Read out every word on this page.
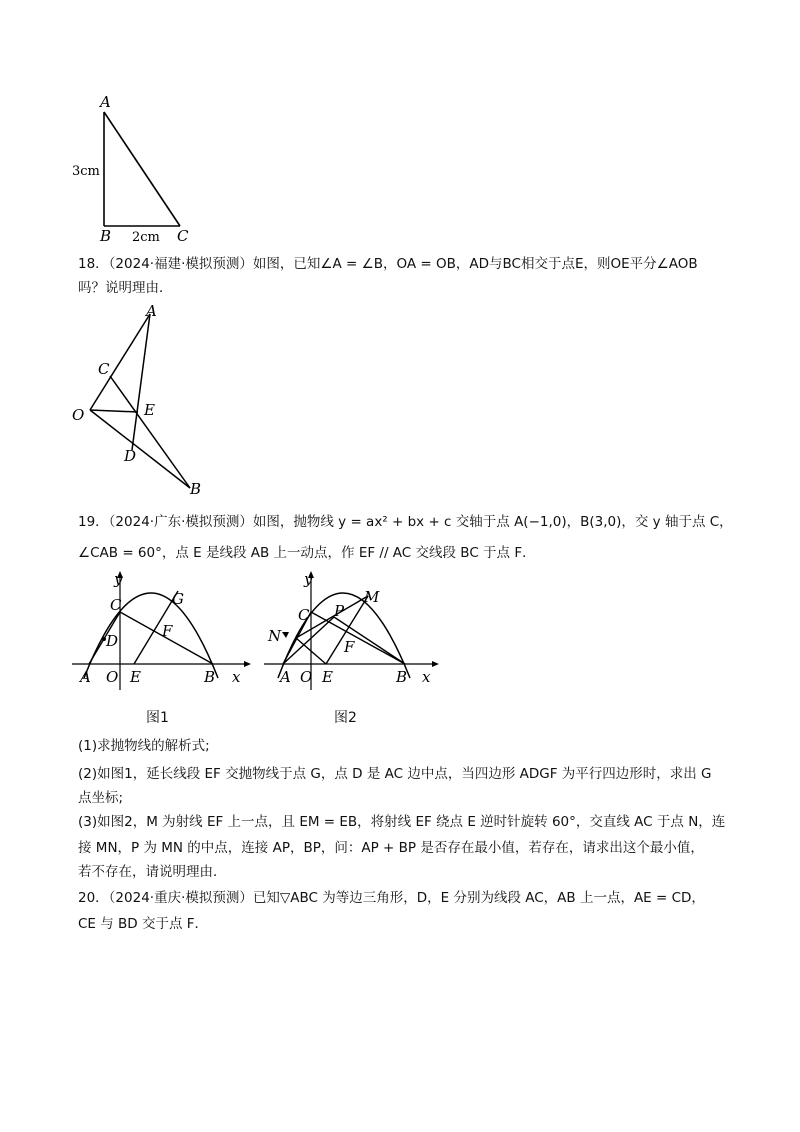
A
B	C
3cm
2cm
18．（2024·福建·模拟预测）如图，已知∠A = ∠B，OA = OB，AD与BC相交于点E，则OE平分∠AOB
吗？说明理由．
A
B
C
D
E
O
19．（2024·广东·模拟预测）如图，抛物线 y = ax² + bx + c 交轴于点 A(−1,0)，B(3,0)，交 y 轴于点 C，
∠CAB = 60°，点 E 是线段 AB 上一动点，作 EF // AC 交线段 BC 于点 F．
y
x
C	G
D
F
A O E	B
图1
y
x
C P
M
N
F
A O E	B
图2
(1)求抛物线的解析式;
(2)如图1，延长线段 EF 交抛物线于点 G，点 D 是 AC 边中点，当四边形 ADGF 为平行四边形时，求出 G
点坐标;
(3)如图2，M 为射线 EF 上一点，且 EM = EB，将射线 EF 绕点 E 逆时针旋转 60°，交直线 AC 于点 N，连
接 MN，P 为 MN 的中点，连接 AP，BP，问：AP + BP 是否存在最小值，若存在，请求出这个最小值，
若不存在，请说明理由．
20．（2024·重庆·模拟预测）已知▽ABC 为等边三角形，D，E 分别为线段 AC，AB 上一点，AE = CD，
CE 与 BD 交于点 F．
